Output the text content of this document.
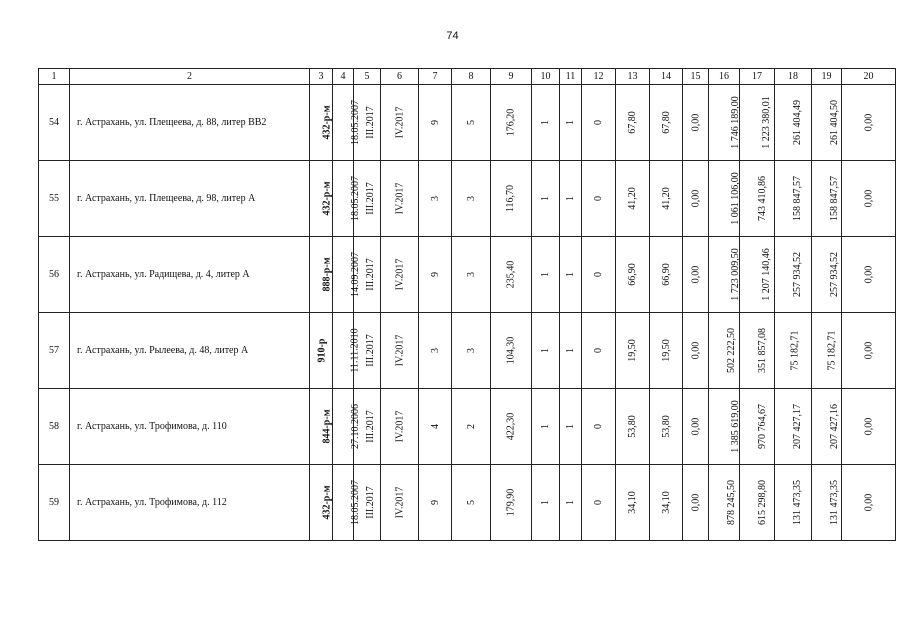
74
1	2	3	4	5	6	7	8	9	10	11	12	13	14	15	16	17	18	19	20
54	г. Астрахань, ул. Плещеева, д. 88, литер ВВ2	432-р-м	18.05.2007	III.2017	IV.2017	9	5	176,20	1	1	0	67,80	67,80	0,00	1 746 189,00	1 223 380,01	261 404,49	261 404,50	0,00
55	г. Астрахань, ул. Плещеева, д. 98, литер А	432-р-м	18.05.2007	III.2017	IV.2017	3	3	116,70	1	1	0	41,20	41,20	0,00	1 061 106,00	743 410,86	158 847,57	158 847,57	0,00
56	г. Астрахань, ул. Радищева, д. 4, литер А	888-р-м	14.09.2007	III.2017	IV.2017	9	3	235,40	1	1	0	66,90	66,90	0,00	1 723 009,50	1 207 140,46	257 934,52	257 934,52	0,00
57	г. Астрахань, ул. Рылеева, д. 48, литер А	910-р	11.11.2010	III.2017	IV.2017	3	3	104,30	1	1	0	19,50	19,50	0,00	502 222,50	351 857,08	75 182,71	75 182,71	0,00
58	г. Астрахань, ул. Трофимова, д. 110	844-р-м	27.10.2006	III.2017	IV.2017	4	2	422,30	1	1	0	53,80	53,80	0,00	1 385 619,00	970 764,67	207 427,17	207 427,16	0,00
59	г. Астрахань, ул. Трофимова, д. 112	432-р-м	18.05.2007	III.2017	IV.2017	9	5	179,90	1	1	0	34,10	34,10	0,00	878 245,50	615 298,80	131 473,35	131 473,35	0,00
